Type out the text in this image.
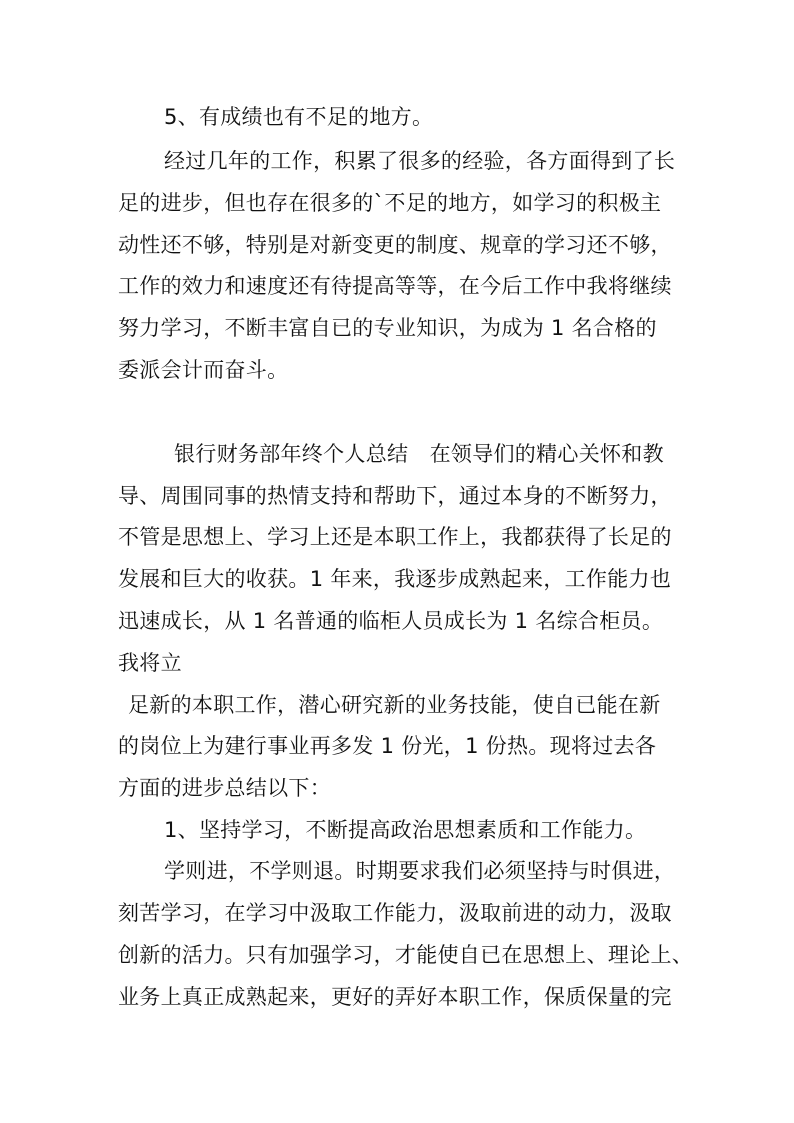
5、有成绩也有不足的地方。
经过几年的工作，积累了很多的经验，各方面得到了长
足的进步，但也存在很多的`不足的地方，如学习的积极主
动性还不够，特别是对新变更的制度、规章的学习还不够，
工作的效力和速度还有待提高等等，在今后工作中我将继续
努力学习，不断丰富自已的专业知识，为成为 1 名合格的
委派会计而奋斗。
银行财务部年终个人总结　在领导们的精心关怀和教
导、周围同事的热情支持和帮助下，通过本身的不断努力，
不管是思想上、学习上还是本职工作上，我都获得了长足的
发展和巨大的收获。1 年来，我逐步成熟起来，工作能力也
迅速成长，从 1 名普通的临柜人员成长为 1 名综合柜员。
我将立
足新的本职工作，潜心研究新的业务技能，使自已能在新
的岗位上为建行事业再多发 1 份光，1 份热。现将过去各
方面的进步总结以下：
1、坚持学习，不断提高政治思想素质和工作能力。
学则进，不学则退。时期要求我们必须坚持与时俱进，
刻苦学习，在学习中汲取工作能力，汲取前进的动力，汲取
创新的活力。只有加强学习，才能使自已在思想上、理论上、
业务上真正成熟起来，更好的弄好本职工作，保质保量的完
